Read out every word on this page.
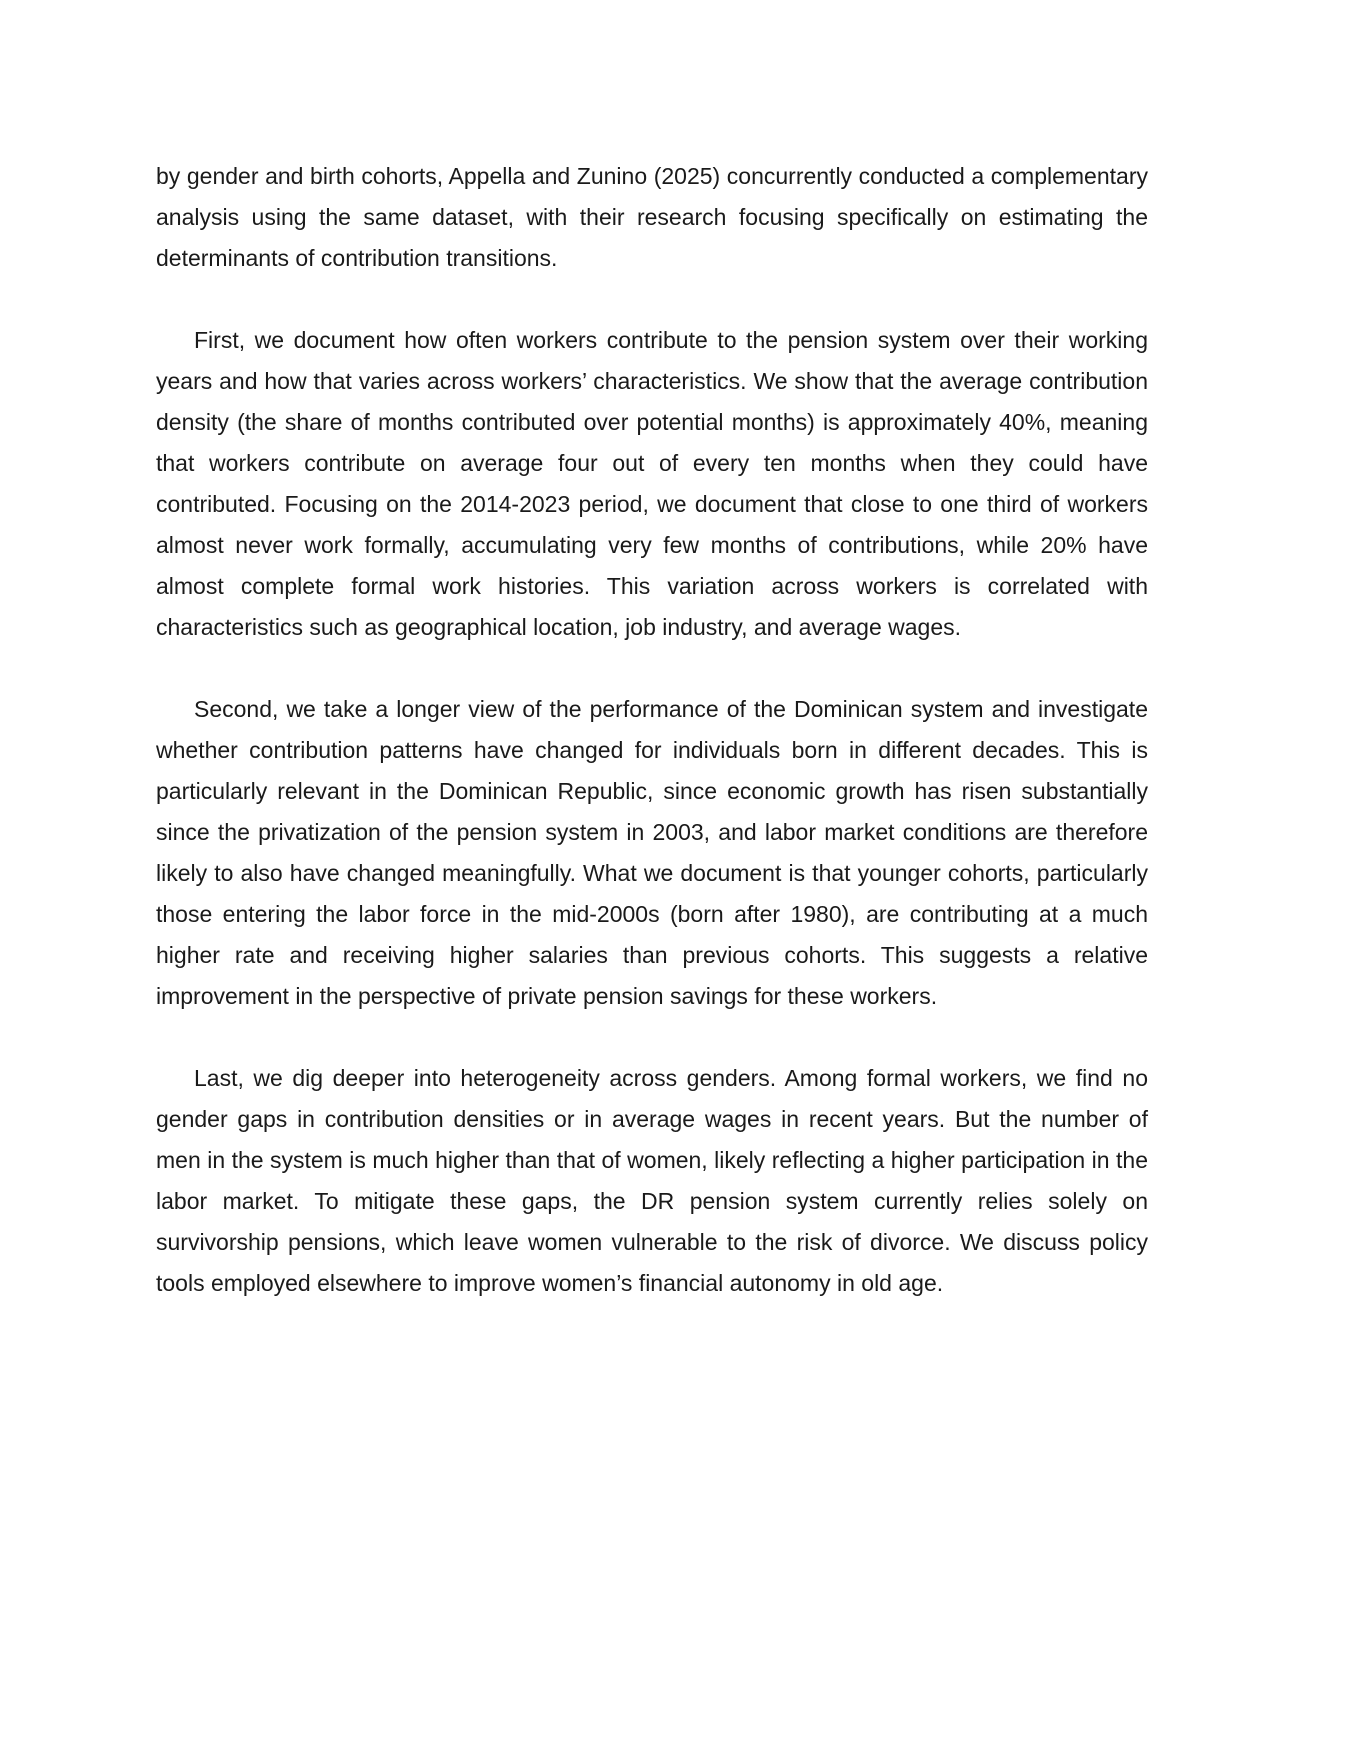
by gender and birth cohorts, Appella and Zunino (2025) concurrently conducted a complementary analysis using the same dataset, with their research focusing specifically on estimating the determinants of contribution transitions.

First, we document how often workers contribute to the pension system over their working years and how that varies across workers’ characteristics. We show that the average contribution density (the share of months contributed over potential months) is approximately 40%, meaning that workers contribute on average four out of every ten months when they could have contributed. Focusing on the 2014-2023 period, we document that close to one third of workers almost never work formally, accumulating very few months of contributions, while 20% have almost complete formal work histories. This variation across workers is correlated with characteristics such as geographical location, job industry, and average wages.

Second, we take a longer view of the performance of the Dominican system and investigate whether contribution patterns have changed for individuals born in different decades. This is particularly relevant in the Dominican Republic, since economic growth has risen substantially since the privatization of the pension system in 2003, and labor market conditions are therefore likely to also have changed meaningfully. What we document is that younger cohorts, particularly those entering the labor force in the mid-2000s (born after 1980), are contributing at a much higher rate and receiving higher salaries than previous cohorts. This suggests a relative improvement in the perspective of private pension savings for these workers.

Last, we dig deeper into heterogeneity across genders. Among formal workers, we find no gender gaps in contribution densities or in average wages in recent years. But the number of men in the system is much higher than that of women, likely reflecting a higher participation in the labor market. To mitigate these gaps, the DR pension system currently relies solely on survivorship pensions, which leave women vulnerable to the risk of divorce. We discuss policy tools employed elsewhere to improve women’s financial autonomy in old age.
